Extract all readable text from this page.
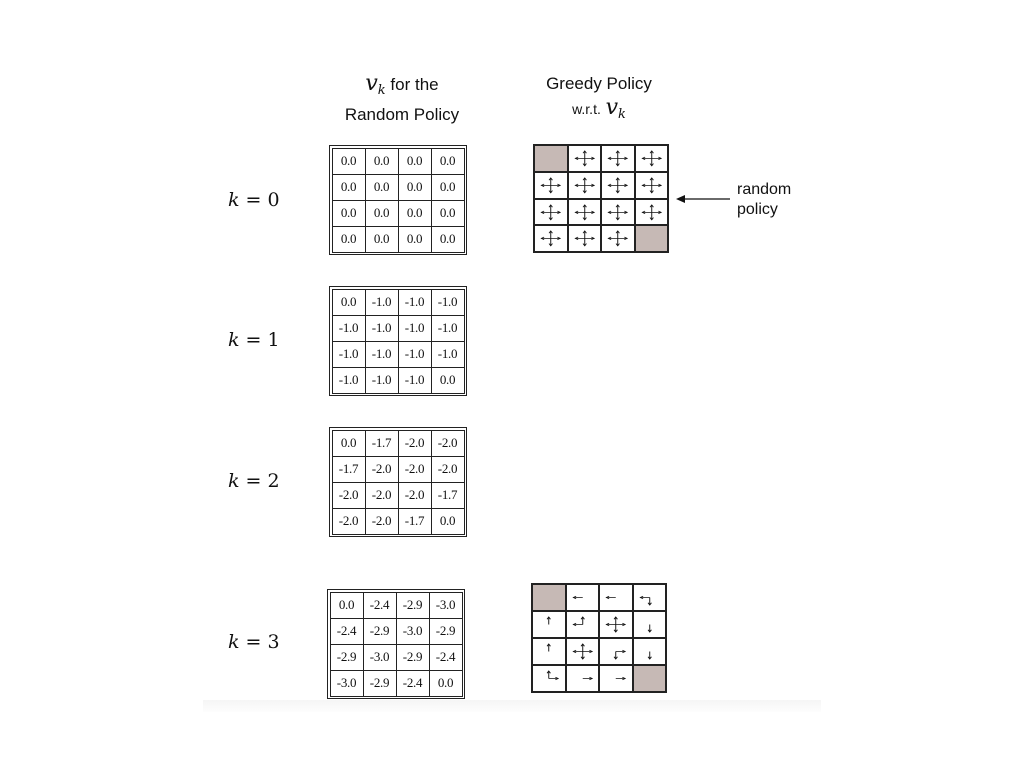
$v_k$ for the
Random Policy
Greedy Policy
w.r.t. $v_k$
k = 0
k = 1
k = 2
k = 3
0.0	0.0	0.0	0.0
0.0	0.0	0.0	0.0
0.0	0.0	0.0	0.0
0.0	0.0	0.0	0.0
0.0	-1.0	-1.0	-1.0
-1.0	-1.0	-1.0	-1.0
-1.0	-1.0	-1.0	-1.0
-1.0	-1.0	-1.0	0.0
0.0	-1.7	-2.0	-2.0
-1.7	-2.0	-2.0	-2.0
-2.0	-2.0	-2.0	-1.7
-2.0	-2.0	-1.7	0.0
0.0	-2.4	-2.9	-3.0
-2.4	-2.9	-3.0	-2.9
-2.9	-3.0	-2.9	-2.4
-3.0	-2.9	-2.4	0.0
random
policy
